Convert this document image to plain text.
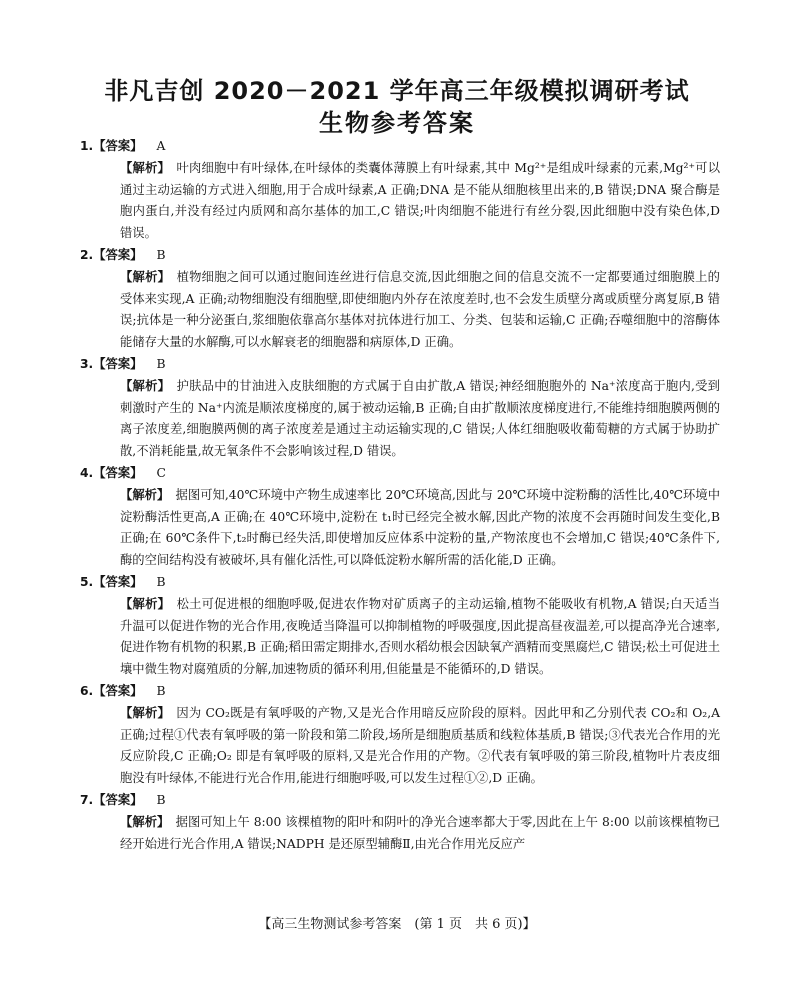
非凡吉创 2020－2021 学年高三年级模拟调研考试
生物参考答案

1.【答案】 A

【解析】　 叶肉细胞中有叶绿体,在叶绿体的类囊体薄膜上有叶绿素,其中 Mg²⁺是组成叶绿素的元素,Mg²⁺可以通过主动运输的方式进入细胞,用于合成叶绿素,A 正确;DNA 是不能从细胞核里出来的,B 错误;DNA 聚合酶是胞内蛋白,并没有经过内质网和高尔基体的加工,C 错误;叶肉细胞不能进行有丝分裂,因此细胞中没有染色体,D 错误。

2.【答案】 B

【解析】　 植物细胞之间可以通过胞间连丝进行信息交流,因此细胞之间的信息交流不一定都要通过细胞膜上的受体来实现,A 正确;动物细胞没有细胞壁,即使细胞内外存在浓度差时,也不会发生质壁分离或质壁分离复原,B 错误;抗体是一种分泌蛋白,浆细胞依靠高尔基体对抗体进行加工、分类、包装和运输,C 正确;吞噬细胞中的溶酶体能储存大量的水解酶,可以水解衰老的细胞器和病原体,D 正确。

3.【答案】 B

【解析】　 护肤品中的甘油进入皮肤细胞的方式属于自由扩散,A 错误;神经细胞胞外的 Na⁺浓度高于胞内,受到刺激时产生的 Na⁺内流是顺浓度梯度的,属于被动运输,B 正确;自由扩散顺浓度梯度进行,不能维持细胞膜两侧的离子浓度差,细胞膜两侧的离子浓度差是通过主动运输实现的,C 错误;人体红细胞吸收葡萄糖的方式属于协助扩散,不消耗能量,故无氧条件不会影响该过程,D 错误。

4.【答案】 C

【解析】　 据图可知,40℃环境中产物生成速率比 20℃环境高,因此与 20℃环境中淀粉酶的活性比,40℃环境中淀粉酶活性更高,A 正确;在 40℃环境中,淀粉在 t₁时已经完全被水解,因此产物的浓度不会再随时间发生变化,B 正确;在 60℃条件下,t₂时酶已经失活,即使增加反应体系中淀粉的量,产物浓度也不会增加,C 错误;40℃条件下,酶的空间结构没有被破坏,具有催化活性,可以降低淀粉水解所需的活化能,D 正确。

5.【答案】 B

【解析】　 松土可促进根的细胞呼吸,促进农作物对矿质离子的主动运输,植物不能吸收有机物,A 错误;白天适当升温可以促进作物的光合作用,夜晚适当降温可以抑制植物的呼吸强度,因此提高昼夜温差,可以提高净光合速率,促进作物有机物的积累,B 正确;稻田需定期排水,否则水稻幼根会因缺氧产酒精而变黑腐烂,C 错误;松土可促进土壤中微生物对腐殖质的分解,加速物质的循环利用,但能量是不能循环的,D 错误。

6.【答案】 B

【解析】　 因为 CO₂既是有氧呼吸的产物,又是光合作用暗反应阶段的原料。因此甲和乙分别代表 CO₂和 O₂,A 正确;过程①代表有氧呼吸的第一阶段和第二阶段,场所是细胞质基质和线粒体基质,B 错误;③代表光合作用的光反应阶段,C 正确;O₂ 即是有氧呼吸的原料,又是光合作用的产物。②代表有氧呼吸的第三阶段,植物叶片表皮细胞没有叶绿体,不能进行光合作用,能进行细胞呼吸,可以发生过程①②,D 正确。

7.【答案】 B

【解析】　 据图可知上午 8:00 该棵植物的阳叶和阴叶的净光合速率都大于零,因此在上午 8:00 以前该棵植物已经开始进行光合作用,A 错误;NADPH 是还原型辅酶Ⅱ,由光合作用光反应产

【高三生物测试参考答案　(第 1 页　共 6 页)】
